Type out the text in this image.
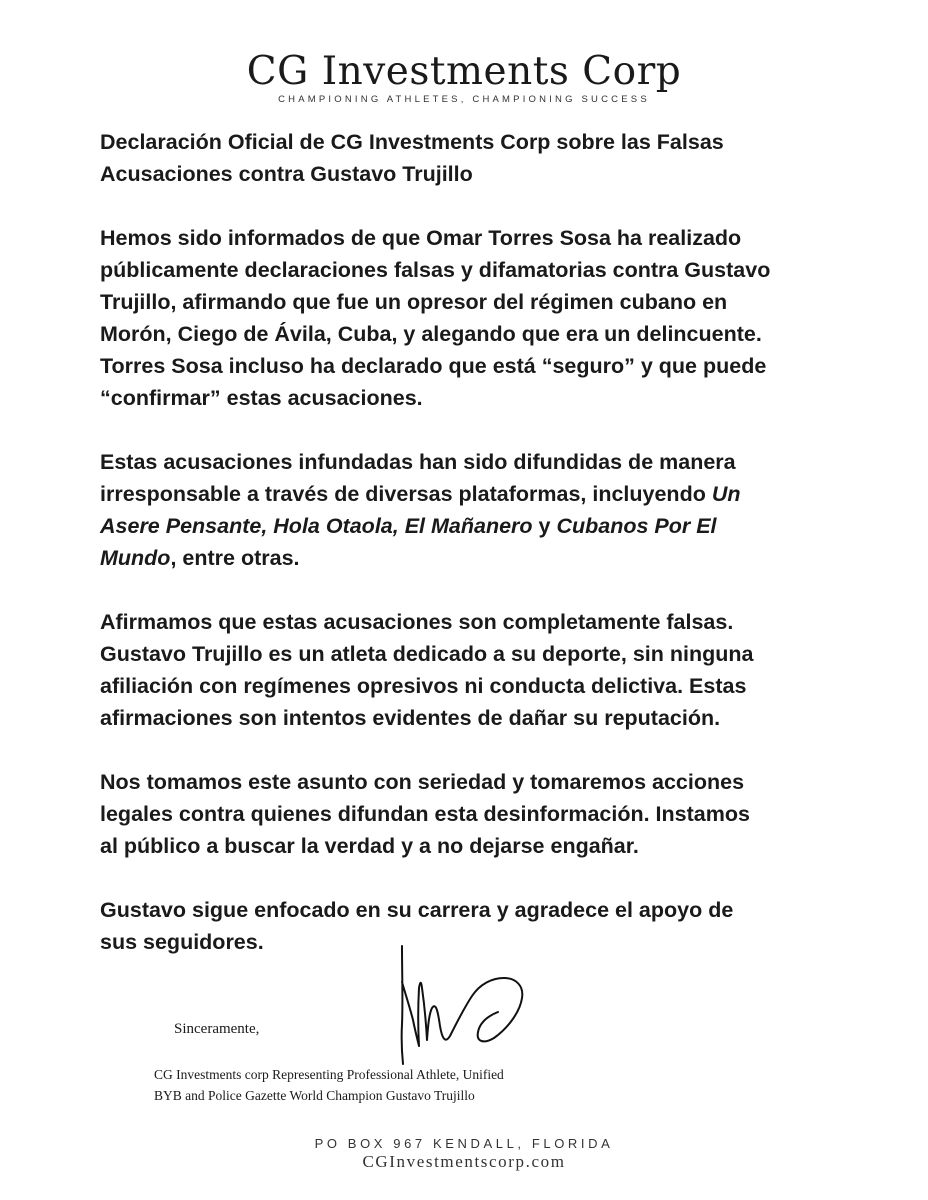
CG Investments Corp
CHAMPIONING ATHLETES, CHAMPIONING SUCCESS

Declaración Oficial de CG Investments Corp sobre las Falsas
Acusaciones contra Gustavo Trujillo

Hemos sido informados de que Omar Torres Sosa ha realizado
públicamente declaraciones falsas y difamatorias contra Gustavo
Trujillo, afirmando que fue un opresor del régimen cubano en
Morón, Ciego de Ávila, Cuba, y alegando que era un delincuente.
Torres Sosa incluso ha declarado que está “seguro” y que puede
“confirmar” estas acusaciones.

Estas acusaciones infundadas han sido difundidas de manera
irresponsable a través de diversas plataformas, incluyendo Un
Asere Pensante, Hola Otaola, El Mañanero y Cubanos Por El
Mundo, entre otras.

Afirmamos que estas acusaciones son completamente falsas.
Gustavo Trujillo es un atleta dedicado a su deporte, sin ninguna
afiliación con regímenes opresivos ni conducta delictiva. Estas
afirmaciones son intentos evidentes de dañar su reputación.

Nos tomamos este asunto con seriedad y tomaremos acciones
legales contra quienes difundan esta desinformación. Instamos
al público a buscar la verdad y a no dejarse engañar.

Gustavo sigue enfocado en su carrera y agradece el apoyo de
sus seguidores.

Sinceramente,
CG Investments corp Representing Professional Athlete, Unified
BYB and Police Gazette World Champion Gustavo Trujillo
PO BOX 967 KENDALL, FLORIDA
CGInvestmentscorp.com
